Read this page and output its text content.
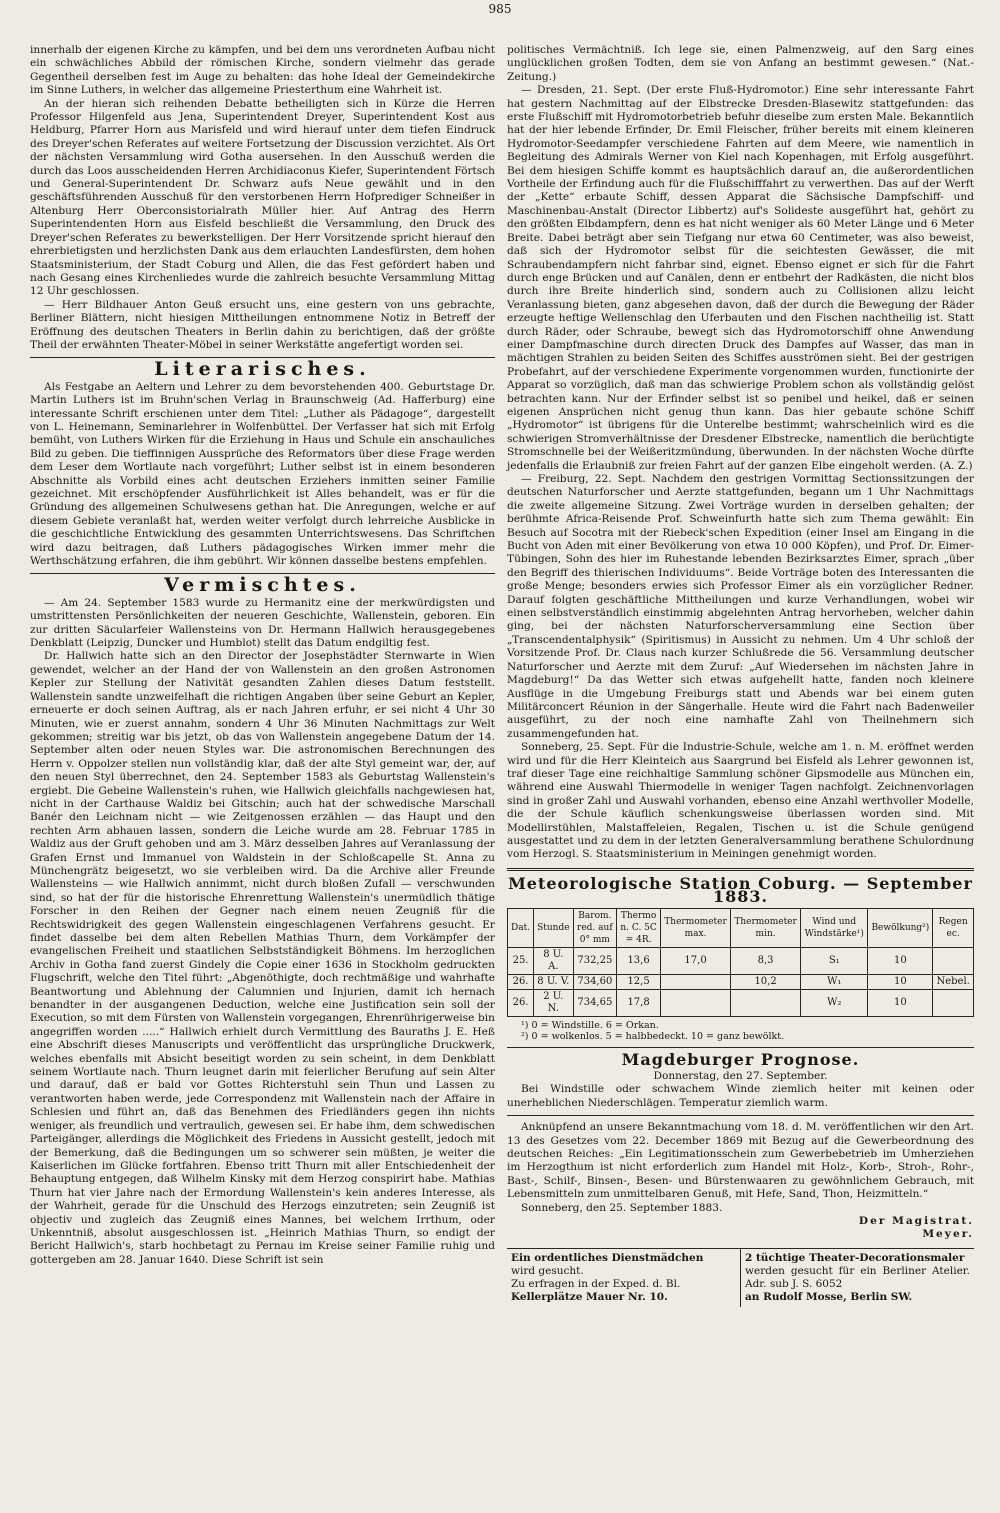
985

innerhalb der eigenen Kirche zu kämpfen, und bei dem uns verordneten Aufbau nicht ein schwächliches Abbild der römischen Kirche, sondern vielmehr das gerade Gegentheil derselben fest im Auge zu behalten: das hohe Ideal der Gemeindekirche im Sinne Luthers, in welcher das allgemeine Priesterthum eine Wahrheit ist.

An der hieran sich reihenden Debatte betheiligten sich in Kürze die Herren Professor Hilgenfeld aus Jena, Superintendent Dreyer, Superintendent Kost aus Heldburg, Pfarrer Horn aus Marisfeld und wird hierauf unter dem tiefen Eindruck des Dreyer'schen Referates auf weitere Fortsetzung der Discussion verzichtet. Als Ort der nächsten Versammlung wird Gotha ausersehen. In den Ausschuß werden die durch das Loos ausscheidenden Herren Archidiaconus Kiefer, Superintendent Förtsch und General-Superintendent Dr. Schwarz aufs Neue gewählt und in den geschäftsführenden Ausschuß für den verstorbenen Herrn Hofprediger Schneißer in Altenburg Herr Oberconsistorialrath Müller hier. Auf Antrag des Herrn Superintendenten Horn aus Eisfeld beschließt die Versammlung, den Druck des Dreyer'schen Referates zu bewerkstelligen. Der Herr Vorsitzende spricht hierauf den ehrerbietigsten und herzlichsten Dank aus dem erlauchten Landesfürsten, dem hohen Staatsministerium, der Stadt Coburg und Allen, die das Fest gefördert haben und nach Gesang eines Kirchenliedes wurde die zahlreich besuchte Versammlung Mittag 12 Uhr geschlossen.

— Herr Bildhauer Anton Geuß ersucht uns, eine gestern von uns gebrachte, Berliner Blättern, nicht hiesigen Mittheilungen entnommene Notiz in Betreff der Eröffnung des deutschen Theaters in Berlin dahin zu berichtigen, daß der größte Theil der erwähnten Theater-Möbel in seiner Werkstätte angefertigt worden sei.

Literarisches.

Als Festgabe an Aeltern und Lehrer zu dem bevorstehenden 400. Geburtstage Dr. Martin Luthers ist im Bruhn'schen Verlag in Braunschweig (Ad. Hafferburg) eine interessante Schrift erschienen unter dem Titel: „Luther als Pädagoge“, dargestellt von L. Heinemann, Seminarlehrer in Wolfenbüttel. Der Verfasser hat sich mit Erfolg bemüht, von Luthers Wirken für die Erziehung in Haus und Schule ein anschauliches Bild zu geben. Die tieffinnigen Aussprüche des Reformators über diese Frage werden dem Leser dem Wortlaute nach vorgeführt; Luther selbst ist in einem besonderen Abschnitte als Vorbild eines acht deutschen Erziehers inmitten seiner Familie gezeichnet. Mit erschöpfender Ausführlichkeit ist Alles behandelt, was er für die Gründung des allgemeinen Schulwesens gethan hat. Die Anregungen, welche er auf diesem Gebiete veranlaßt hat, werden weiter verfolgt durch lehrreiche Ausblicke in die geschichtliche Entwicklung des gesammten Unterrichtswesens. Das Schriftchen wird dazu beitragen, daß Luthers pädagogisches Wirken immer mehr die Werthschätzung erfahren, die ihm gebührt. Wir können dasselbe bestens empfehlen.

Vermischtes.

— Am 24. September 1583 wurde zu Hermanitz eine der merkwürdigsten und umstrittensten Persönlichkeiten der neueren Geschichte, Wallenstein, geboren. Ein zur dritten Säcularfeier Wallensteins von Dr. Hermann Hallwich herausgegebenes Denkblatt (Leipzig, Duncker und Humblot) stellt das Datum endgiltig fest.

Dr. Hallwich hatte sich an den Director der Josephstädter Sternwarte in Wien gewendet, welcher an der Hand der von Wallenstein an den großen Astronomen Kepler zur Stellung der Nativität gesandten Zahlen dieses Datum feststellt. Wallenstein sandte unzweifelhaft die richtigen Angaben über seine Geburt an Kepler, erneuerte er doch seinen Auftrag, als er nach Jahren erfuhr, er sei nicht 4 Uhr 30 Minuten, wie er zuerst annahm, sondern 4 Uhr 36 Minuten Nachmittags zur Welt gekommen; streitig war bis jetzt, ob das von Wallenstein angegebene Datum der 14. September alten oder neuen Styles war. Die astronomischen Berechnungen des Herrn v. Oppolzer stellen nun vollständig klar, daß der alte Styl gemeint war, der, auf den neuen Styl überrechnet, den 24. September 1583 als Geburtstag Wallenstein's ergiebt. Die Gebeine Wallenstein's ruhen, wie Hallwich gleichfalls nachgewiesen hat, nicht in der Carthause Waldiz bei Gitschin; auch hat der schwedische Marschall Banér den Leichnam nicht — wie Zeitgenossen erzählen — das Haupt und den rechten Arm abhauen lassen, sondern die Leiche wurde am 28. Februar 1785 in Waldiz aus der Gruft gehoben und am 3. März desselben Jahres auf Veranlassung der Grafen Ernst und Immanuel von Waldstein in der Schloßcapelle St. Anna zu Münchengrätz beigesetzt, wo sie verbleiben wird. Da die Archive aller Freunde Wallensteins — wie Hallwich annimmt, nicht durch bloßen Zufall — verschwunden sind, so hat der für die historische Ehrenrettung Wallenstein's unermüdlich thätige Forscher in den Reihen der Gegner nach einem neuen Zeugniß für die Rechtswidrigkeit des gegen Wallenstein eingeschlagenen Verfahrens gesucht. Er findet dasselbe bei dem alten Rebellen Mathias Thurn, dem Vorkämpfer der evangelischen Freiheit und staatlichen Selbstständigkeit Böhmens. Im herzoglichen Archiv in Gotha fand zuerst Gindely die Copie einer 1636 in Stockholm gedruckten Flugschrift, welche den Titel führt: „Abgenöthigte, doch rechtmäßige und wahrhafte Beantwortung und Ablehnung der Calumnien und Injurien, damit ich hernach benandter in der ausgangenen Deduction, welche eine Justification sein soll der Execution, so mit dem Fürsten von Wallenstein vorgegangen, Ehrenrührigerweise bin angegriffen worden .....“ Hallwich erhielt durch Vermittlung des Bauraths J. E. Heß eine Abschrift dieses Manuscripts und veröffentlicht das ursprüngliche Druckwerk, welches ebenfalls mit Absicht beseitigt worden zu sein scheint, in dem Denkblatt seinem Wortlaute nach. Thurn leugnet darin mit feierlicher Berufung auf sein Alter und darauf, daß er bald vor Gottes Richterstuhl sein Thun und Lassen zu verantworten haben werde, jede Correspondenz mit Wallenstein nach der Affaire in Schlesien und führt an, daß das Benehmen des Friedländers gegen ihn nichts weniger, als freundlich und vertraulich, gewesen sei. Er habe ihm, dem schwedischen Parteigänger, allerdings die Möglichkeit des Friedens in Aussicht gestellt, jedoch mit der Bemerkung, daß die Bedingungen um so schwerer sein müßten, je weiter die Kaiserlichen im Glücke fortfahren. Ebenso tritt Thurn mit aller Entschiedenheit der Behauptung entgegen, daß Wilhelm Kinsky mit dem Herzog conspirirt habe. Mathias Thurn hat vier Jahre nach der Ermordung Wallenstein's kein anderes Interesse, als der Wahrheit, gerade für die Unschuld des Herzogs einzutreten; sein Zeugniß ist objectiv und zugleich das Zeugniß eines Mannes, bei welchem Irrthum, oder Unkenntniß, absolut ausgeschlossen ist. „Heinrich Mathias Thurn, so endigt der Bericht Hallwich's, starb hochbetagt zu Pernau im Kreise seiner Familie ruhig und gottergeben am 28. Januar 1640. Diese Schrift ist sein

politisches Vermächtniß. Ich lege sie, einen Palmenzweig, auf den Sarg eines unglücklichen großen Todten, dem sie von Anfang an bestimmt gewesen.“ (Nat.-Zeitung.)

— Dresden, 21. Sept. (Der erste Fluß-Hydromotor.) Eine sehr interessante Fahrt hat gestern Nachmittag auf der Elbstrecke Dresden-Blasewitz stattgefunden: das erste Flußschiff mit Hydromotorbetrieb befuhr dieselbe zum ersten Male. Bekanntlich hat der hier lebende Erfinder, Dr. Emil Fleischer, früher bereits mit einem kleineren Hydromotor-Seedampfer verschiedene Fahrten auf dem Meere, wie namentlich in Begleitung des Admirals Werner von Kiel nach Kopenhagen, mit Erfolg ausgeführt. Bei dem hiesigen Schiffe kommt es hauptsächlich darauf an, die außerordentlichen Vortheile der Erfindung auch für die Flußschifffahrt zu verwerthen. Das auf der Werft der „Kette“ erbaute Schiff, dessen Apparat die Sächsische Dampfschiff- und Maschinenbau-Anstalt (Director Libbertz) auf's Solideste ausgeführt hat, gehört zu den größten Elbdampfern, denn es hat nicht weniger als 60 Meter Länge und 6 Meter Breite. Dabei beträgt aber sein Tiefgang nur etwa 60 Centimeter, was also beweist, daß sich der Hydromotor selbst für die seichtesten Gewässer, die mit Schraubendampfern nicht fahrbar sind, eignet. Ebenso eignet er sich für die Fahrt durch enge Brücken und auf Canälen, denn er entbehrt der Radkästen, die nicht blos durch ihre Breite hinderlich sind, sondern auch zu Collisionen allzu leicht Veranlassung bieten, ganz abgesehen davon, daß der durch die Bewegung der Räder erzeugte heftige Wellenschlag den Uferbauten und den Fischen nachtheilig ist. Statt durch Räder, oder Schraube, bewegt sich das Hydromotorschiff ohne Anwendung einer Dampfmaschine durch directen Druck des Dampfes auf Wasser, das man in mächtigen Strahlen zu beiden Seiten des Schiffes ausströmen sieht. Bei der gestrigen Probefahrt, auf der verschiedene Experimente vorgenommen wurden, functionirte der Apparat so vorzüglich, daß man das schwierige Problem schon als vollständig gelöst betrachten kann. Nur der Erfinder selbst ist so penibel und heikel, daß er seinen eigenen Ansprüchen nicht genug thun kann. Das hier gebaute schöne Schiff „Hydromotor“ ist übrigens für die Unterelbe bestimmt; wahrscheinlich wird es die schwierigen Stromverhältnisse der Dresdener Elbstrecke, namentlich die berüchtigte Stromschnelle bei der Weißeritzmündung, überwunden. In der nächsten Woche dürfte jedenfalls die Erlaubniß zur freien Fahrt auf der ganzen Elbe eingeholt werden. (A. Z.)

— Freiburg, 22. Sept. Nachdem den gestrigen Vormittag Sectionssitzungen der deutschen Naturforscher und Aerzte stattgefunden, begann um 1 Uhr Nachmittags die zweite allgemeine Sitzung. Zwei Vorträge wurden in derselben gehalten; der berühmte Africa-Reisende Prof. Schweinfurth hatte sich zum Thema gewählt: Ein Besuch auf Socotra mit der Riebeck'schen Expedition (einer Insel am Eingang in die Bucht von Aden mit einer Bevölkerung von etwa 10 000 Köpfen), und Prof. Dr. Eimer-Tübingen, Sohn des hier im Ruhestande lebenden Bezirksarztes Eimer, sprach „über den Begriff des thierischen Individuums“. Beide Vorträge boten des Interessanten die große Menge; besonders erwies sich Professor Eimer als ein vorzüglicher Redner. Darauf folgten geschäftliche Mittheilungen und kurze Verhandlungen, wobei wir einen selbstverständlich einstimmig abgelehnten Antrag hervorheben, welcher dahin ging, bei der nächsten Naturforscherversammlung eine Section über „Transcendentalphysik“ (Spiritismus) in Aussicht zu nehmen. Um 4 Uhr schloß der Vorsitzende Prof. Dr. Claus nach kurzer Schlußrede die 56. Versammlung deutscher Naturforscher und Aerzte mit dem Zuruf: „Auf Wiedersehen im nächsten Jahre in Magdeburg!“ Da das Wetter sich etwas aufgehellt hatte, fanden noch kleinere Ausflüge in die Umgebung Freiburgs statt und Abends war bei einem guten Militärconcert Réunion in der Sängerhalle. Heute wird die Fahrt nach Badenweiler ausgeführt, zu der noch eine namhafte Zahl von Theilnehmern sich zusammengefunden hat.

Sonneberg, 25. Sept. Für die Industrie-Schule, welche am 1. n. M. eröffnet werden wird und für die Herr Kleinteich aus Saargrund bei Eisfeld als Lehrer gewonnen ist, traf dieser Tage eine reichhaltige Sammlung schöner Gipsmodelle aus München ein, während eine Auswahl Thiermodelle in weniger Tagen nachfolgt. Zeichnenvorlagen sind in großer Zahl und Auswahl vorhanden, ebenso eine Anzahl werthvoller Modelle, die der Schule käuflich schenkungsweise überlassen worden sind. Mit Modellirstühlen, Malstaffeleien, Regalen, Tischen u. ist die Schule genügend ausgestattet und zu dem in der letzten Generalversammlung berathene Schulordnung vom Herzogl. S. Staatsministerium in Meiningen genehmigt worden.

Meteorologische Station Coburg. — September 1883.
Dat.	Stunde	Barom. red. auf 0° mm	Thermo n. C. 5C = 4R.	Thermometer max.	Thermometer min.	Wind und Windstärke¹)	Bewölkung²)	Regen ec.
25.	8 U. A.	732,25	13,6	17,0	8,3	S₁	10	
26.	8 U. V.	734,60	12,5		10,2	W₁	10	Nebel.
26.	2 U. N.	734,65	17,8			W₂	10	

¹) 0 = Windstille. 6 = Orkan.

²) 0 = wolkenlos. 5 = halbbedeckt. 10 = ganz bewölkt.

Magdeburger Prognose.

Donnerstag, den 27. September.

Bei Windstille oder schwachem Winde ziemlich heiter mit keinen oder unerheblichen Niederschlägen. Temperatur ziemlich warm.

Anknüpfend an unsere Bekanntmachung vom 18. d. M. veröffentlichen wir den Art. 13 des Gesetzes vom 22. December 1869 mit Bezug auf die Gewerbeordnung des deutschen Reiches: „Ein Legitimationsschein zum Gewerbebetrieb im Umherziehen im Herzogthum ist nicht erforderlich zum Handel mit Holz-, Korb-, Stroh-, Rohr-, Bast-, Schilf-, Binsen-, Besen- und Bürstenwaaren zu gewöhnlichem Gebrauch, mit Lebensmitteln zum unmittelbaren Genuß, mit Hefe, Sand, Thon, Heizmitteln.“

Sonneberg, den 25. September 1883.

Der Magistrat.

Meyer.

Ein ordentliches Dienstmädchen
wird gesucht.
Zu erfragen in der Exped. d. Bl.
Kellerplätze Mauer Nr. 10.
2 tüchtige Theater-Decorationsmaler
werden gesucht für ein Berliner Atelier. Adr. sub J. S. 6052
an Rudolf Mosse, Berlin SW.
